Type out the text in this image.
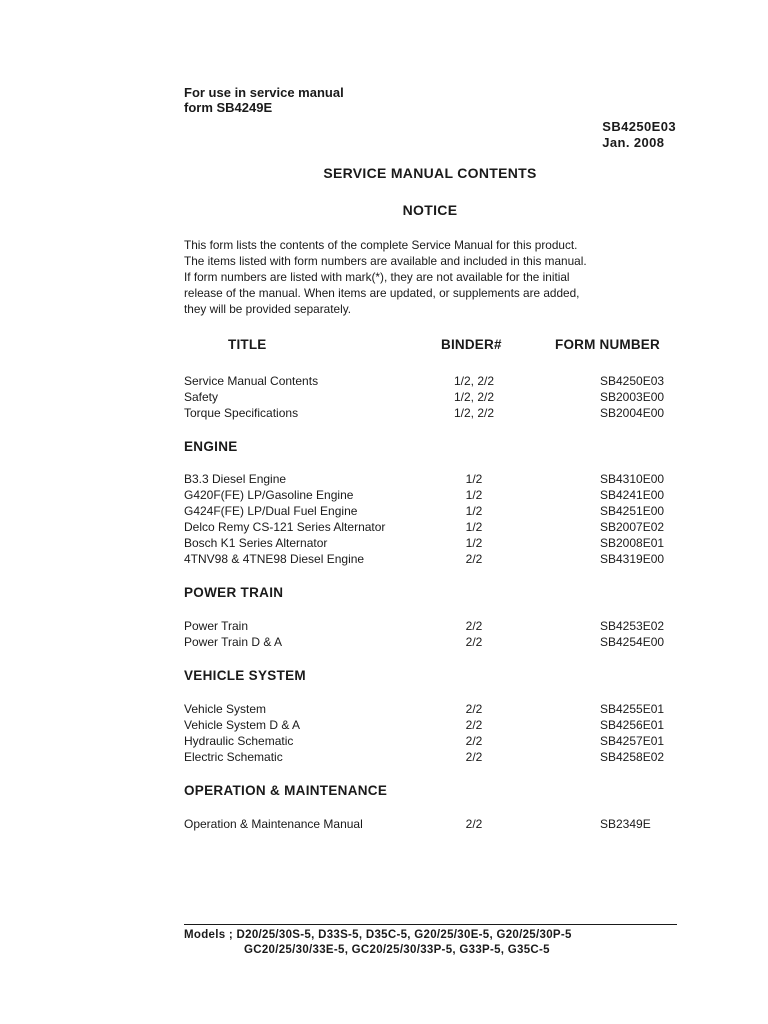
For use in service manual
form SB4249E
SB4250E03
Jan. 2008
SERVICE MANUAL CONTENTS
NOTICE
This form lists the contents of the complete Service Manual for this product.
The items listed with form numbers are available and included in this manual.
If form numbers are listed with mark(*), they are not available for the initial
release of the manual. When items are updated, or supplements are added,
they will be provided separately.
TITLE	BINDER#	FORM NUMBER
Service Manual Contents	1/2, 2/2	SB4250E03
Safety	1/2, 2/2	SB2003E00
Torque Specifications	1/2, 2/2	SB2004E00
ENGINE
B3.3 Diesel Engine	1/2	SB4310E00
G420F(FE) LP/Gasoline Engine	1/2	SB4241E00
G424F(FE) LP/Dual Fuel Engine	1/2	SB4251E00
Delco Remy CS-121 Series Alternator	1/2	SB2007E02
Bosch K1 Series Alternator	1/2	SB2008E01
4TNV98 & 4TNE98 Diesel Engine	2/2	SB4319E00
POWER TRAIN
Power Train	2/2	SB4253E02
Power Train D & A	2/2	SB4254E00
VEHICLE SYSTEM
Vehicle System	2/2	SB4255E01
Vehicle System D & A	2/2	SB4256E01
Hydraulic Schematic	2/2	SB4257E01
Electric Schematic	2/2	SB4258E02
OPERATION & MAINTENANCE
Operation & Maintenance Manual	2/2	SB2349E
Models ; D20/25/30S-5, D33S-5, D35C-5, G20/25/30E-5, G20/25/30P-5
GC20/25/30/33E-5, GC20/25/30/33P-5, G33P-5, G35C-5
